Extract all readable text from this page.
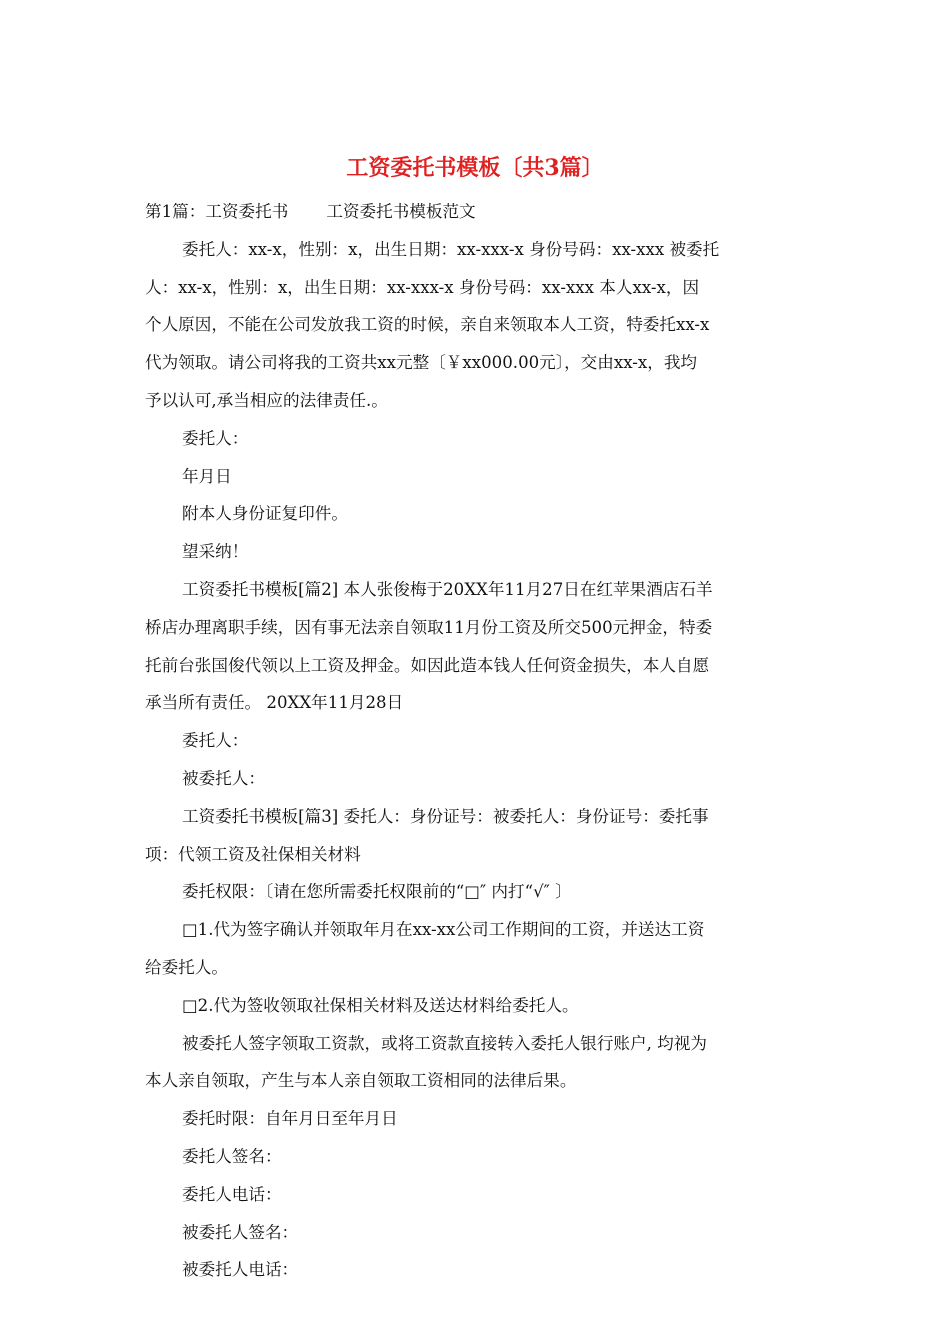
工资委托书模板〔共3篇〕
第1篇：工资委托书 工资委托书模板范文
委托人：xx-x，性别：x，出生日期：xx-xxx-x 身份号码：xx-xxx 被委托
人：xx-x，性别：x，出生日期：xx-xxx-x 身份号码：xx-xxx 本人xx-x，因
个人原因，不能在公司发放我工资的时候，亲自来领取本人工资，特委托xx-x
代为领取。请公司将我的工资共xx元整〔￥xx000.00元〕，交由xx-x，我均
予以认可,承当相应的法律责任.。
委托人：
年月日
附本人身份证复印件。
望采纳！
工资委托书模板[篇2] 本人张俊梅于20XX年11月27日在红苹果酒店石羊
桥店办理离职手续，因有事无法亲自领取11月份工资及所交500元押金，特委
托前台张国俊代领以上工资及押金。如因此造本钱人任何资金损失，本人自愿
承当所有责任。 20XX年11月28日
委托人：
被委托人：
工资委托书模板[篇3] 委托人：身份证号：被委托人：身份证号：委托事
项：代领工资及社保相关材料
委托权限：〔请在您所需委托权限前的“□″ 内打“√″ 〕
□1.代为签字确认并领取年月在xx-xx公司工作期间的工资，并送达工资
给委托人。
□2.代为签收领取社保相关材料及送达材料给委托人。
被委托人签字领取工资款，或将工资款直接转入委托人银行账户, 均视为
本人亲自领取，产生与本人亲自领取工资相同的法律后果。
委托时限：自年月日至年月日
委托人签名：
委托人电话：
被委托人签名：
被委托人电话：
